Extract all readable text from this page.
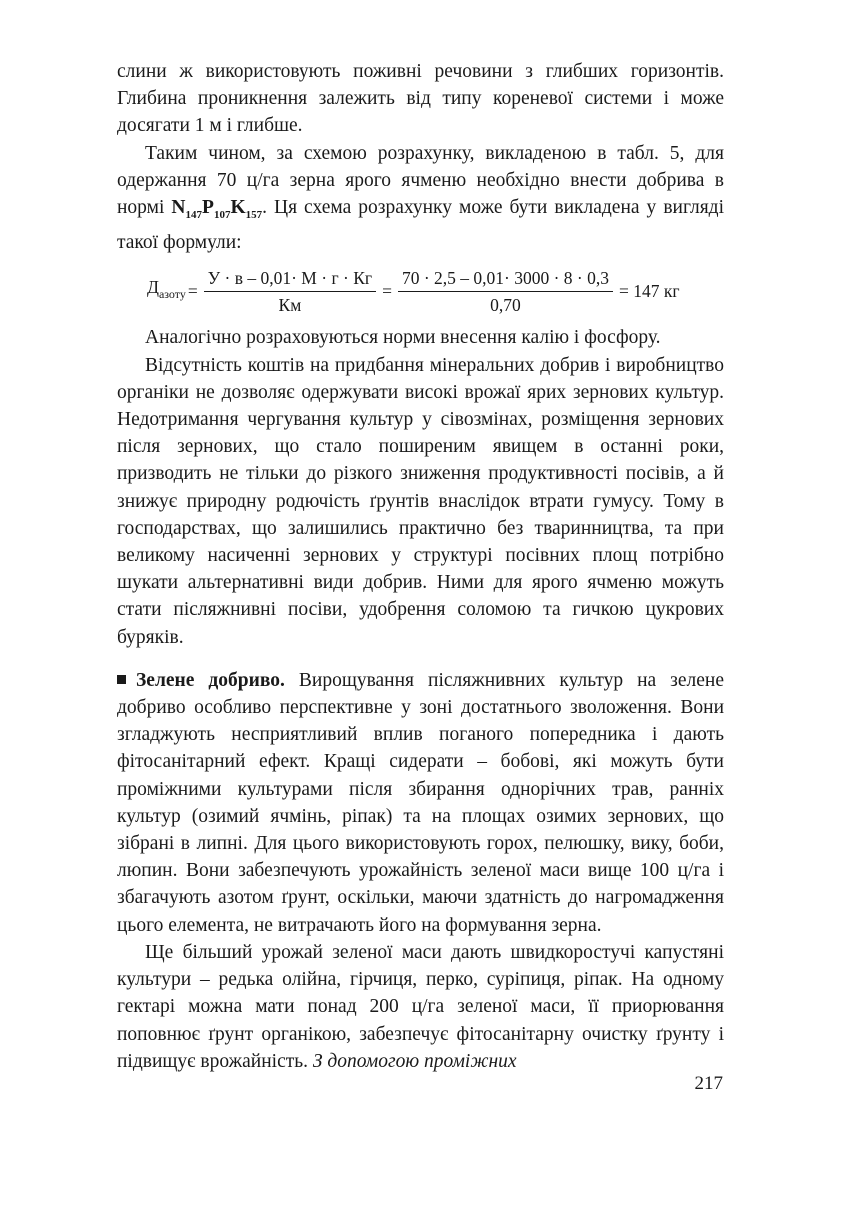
слини ж використовують поживні речовини з глибших горизонтів. Глибина проникнення залежить від типу кореневої системи і може досягати 1 м і глибше.

Таким чином, за схемою розрахунку, викладеною в табл. 5, для одержання 70 ц/га зерна ярого ячменю необхідно внести добрива в нормі $N_{147}P_{107}K_{157}$. Ця схема розрахунку може бути викладена у вигляді такої формули:

$Д_{азоту} = \frac{У \cdot в - 0,01\cdot М \cdot г \cdot Кг}{Км} = \frac{70 \cdot 2,5 - 0,01\cdot 3000 \cdot 8 \cdot 0,3}{0,70} = 147$ кг

Аналогічно розраховуються норми внесення калію і фосфору.

Відсутність коштів на придбання мінеральних добрив і виробництво органіки не дозволяє одержувати високі врожаї ярих зернових культур. Недотримання чергування культур у сівозмінах, розміщення зернових після зернових, що стало поширеним явищем в останні роки, призводить не тільки до різкого зниження продуктивності посівів, а й знижує природну родючість ґрунтів внаслідок втрати гумусу. Тому в господарствах, що залишились практично без тваринництва, та при великому насиченні зернових у структурі посівних площ потрібно шукати альтернативні види добрив. Ними для ярого ячменю можуть стати післяжнивні посіви, удобрення соломою та гичкою цукрових буряків.

Зелене добриво. Вирощування післяжнивних культур на зелене добриво особливо перспективне у зоні достатнього зволоження. Вони згладжують несприятливий вплив поганого попередника і дають фітосанітарний ефект. Кращі сидерати – бобові, які можуть бути проміжними культурами після збирання однорічних трав, ранніх культур (озимий ячмінь, ріпак) та на площах озимих зернових, що зібрані в липні. Для цього використовують горох, пелюшку, вику, боби, люпин. Вони забезпечують урожайність зеленої маси вище 100 ц/га і збагачують азотом ґрунт, оскільки, маючи здатність до нагромадження цього елемента, не витрачають його на формування зерна.

Ще більший урожай зеленої маси дають швидкоростучі капустяні культури – редька олійна, гірчиця, перко, суріпиця, ріпак. На одному гектарі можна мати понад 200 ц/га зеленої маси, її приорювання поповнює ґрунт органікою, забезпечує фітосанітарну очистку ґрунту і підвищує врожайність. З допомогою проміжних

217
